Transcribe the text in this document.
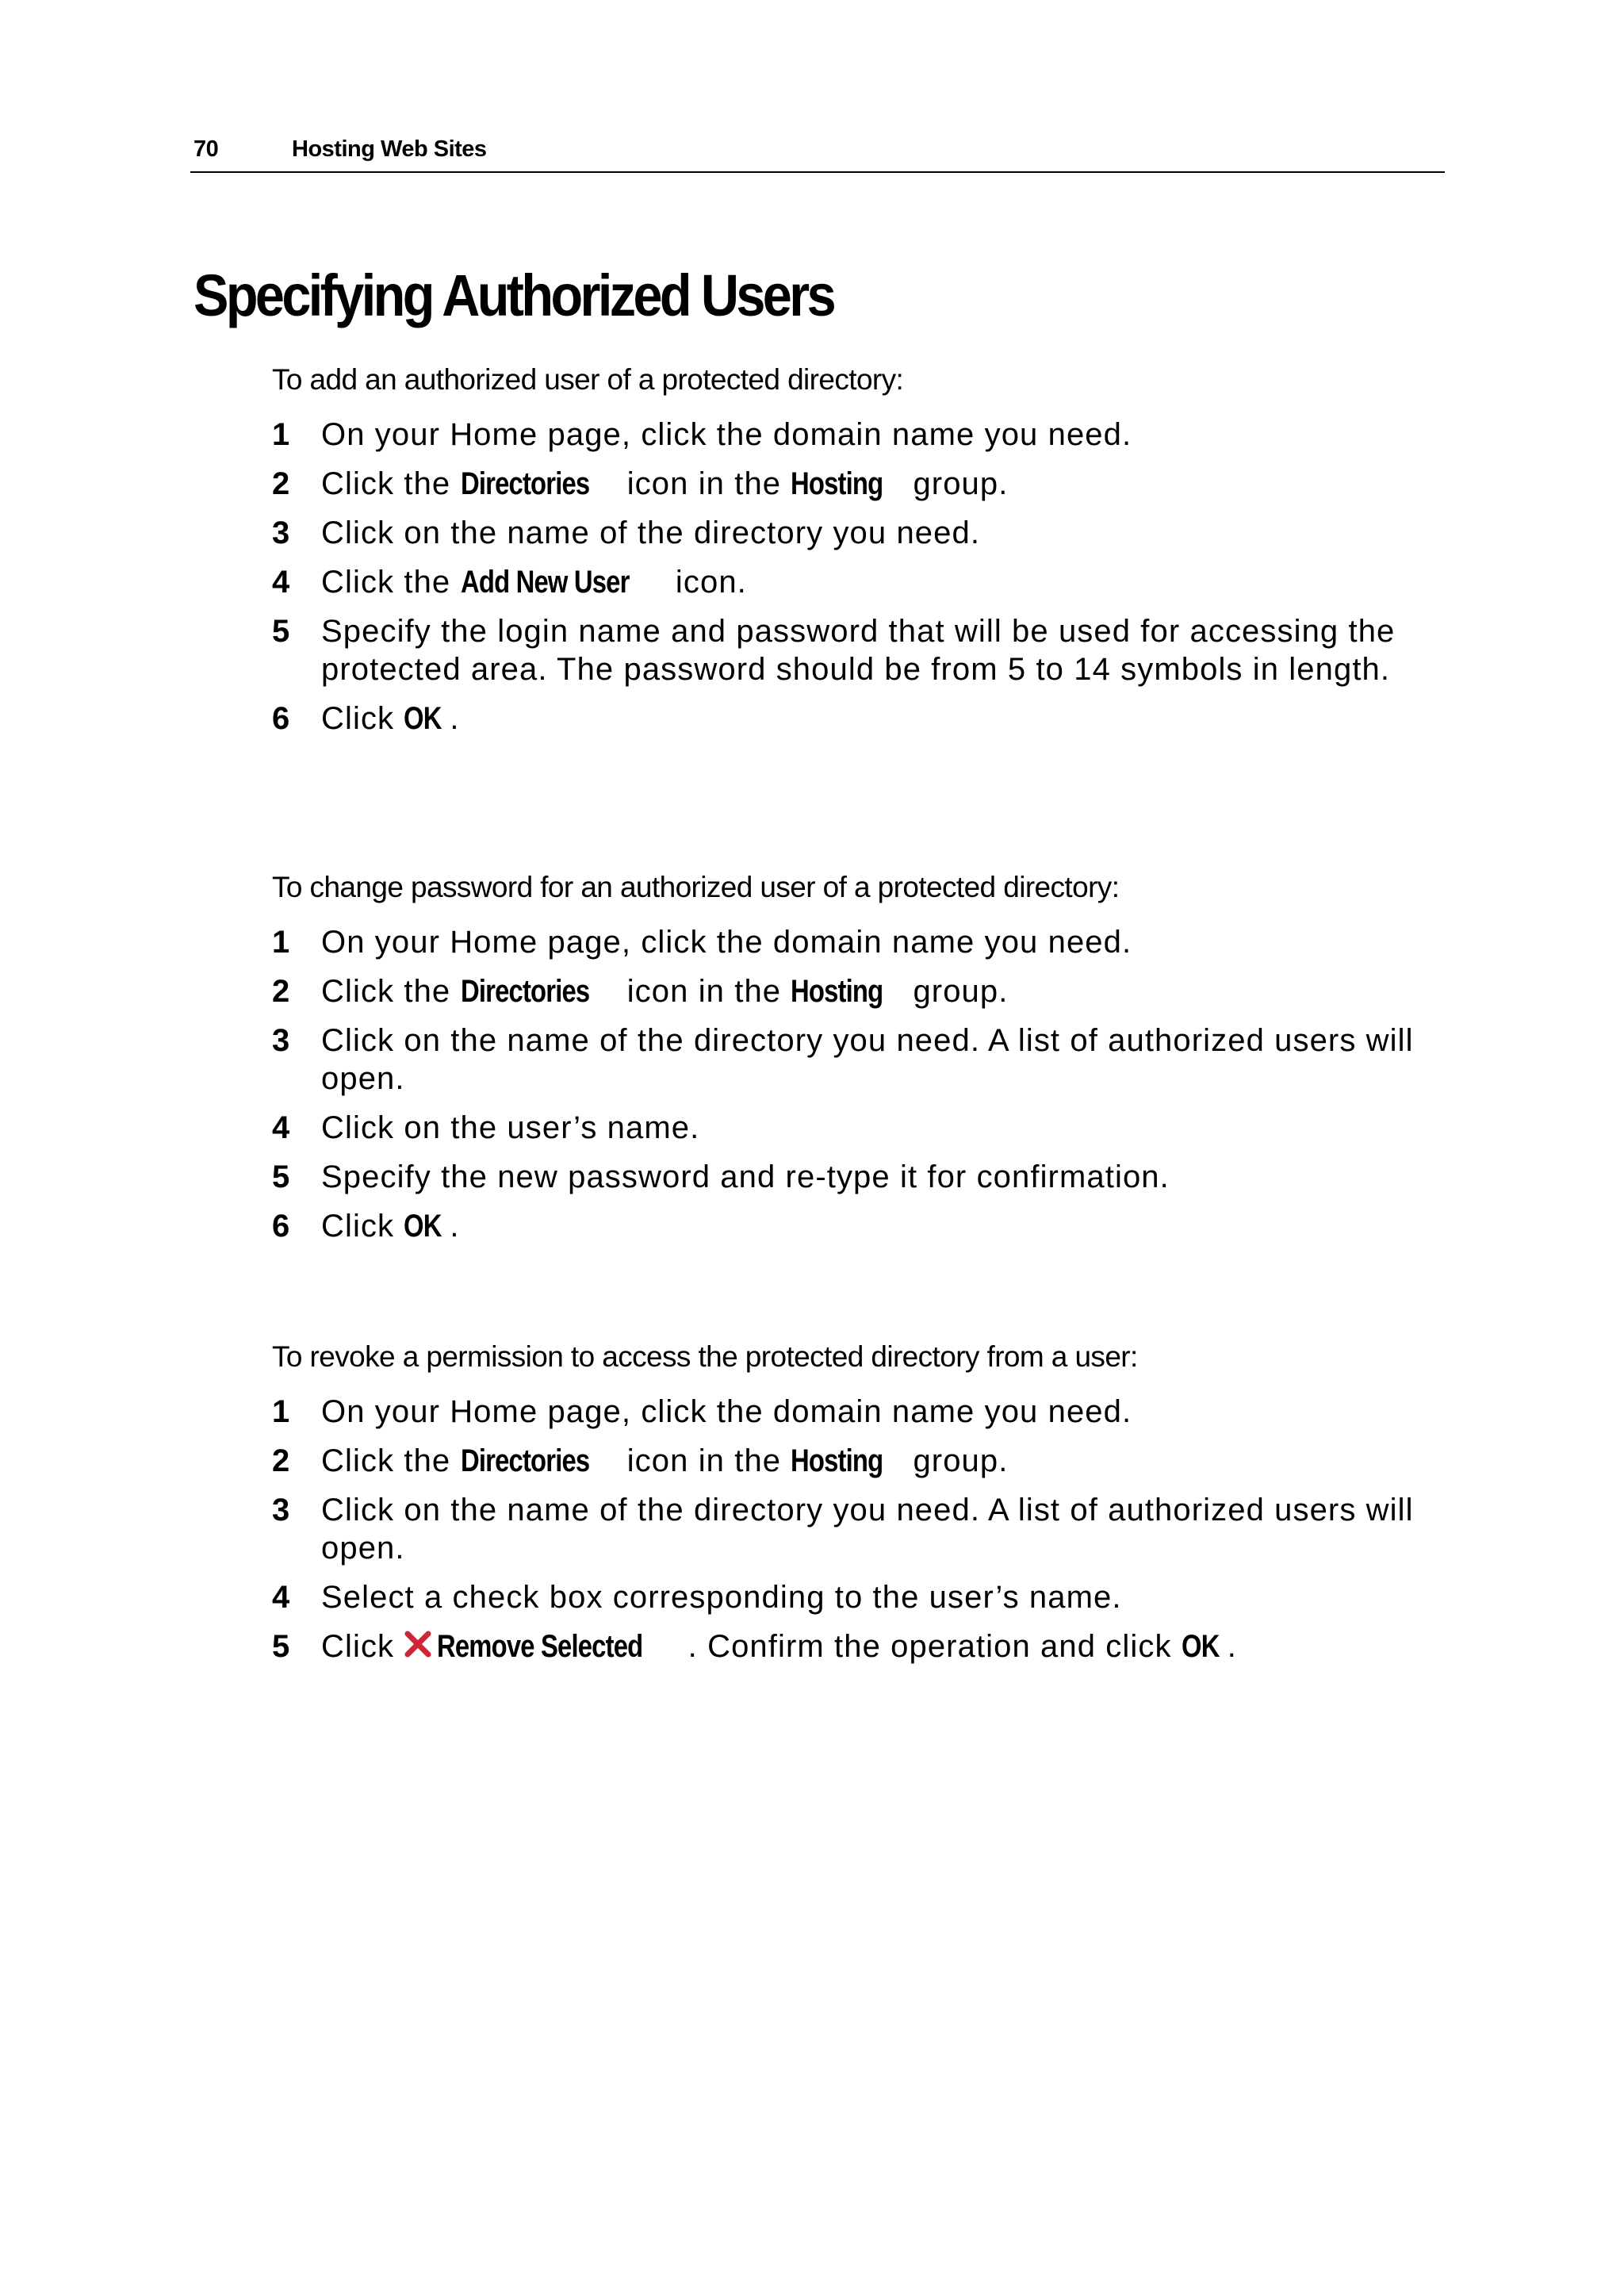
70	Hosting Web Sites
Specifying Authorized Users

To add an authorized user of a protected directory:

1 On your Home page, click the domain name you need.
2 Click the Directories icon in the Hosting group.
3 Click on the name of the directory you need.
4 Click the Add New User icon.
5 Specify the login name and password that will be used for accessing the protected area. The password should be from 5 to 14 symbols in length.
6 Click OK .

To change password for an authorized user of a protected directory:

1 On your Home page, click the domain name you need.
2 Click the Directories icon in the Hosting group.
3 Click on the name of the directory you need. A list of authorized users will open.
4 Click on the user’s name.
5 Specify the new password and re-type it for confirmation.
6 Click OK .

To revoke a permission to access the protected directory from a user:

1 On your Home page, click the domain name you need.
2 Click the Directories icon in the Hosting group.
3 Click on the name of the directory you need. A list of authorized users will open.
4 Select a check box corresponding to the user’s name.
5 Click Remove Selected . Confirm the operation and click OK .
